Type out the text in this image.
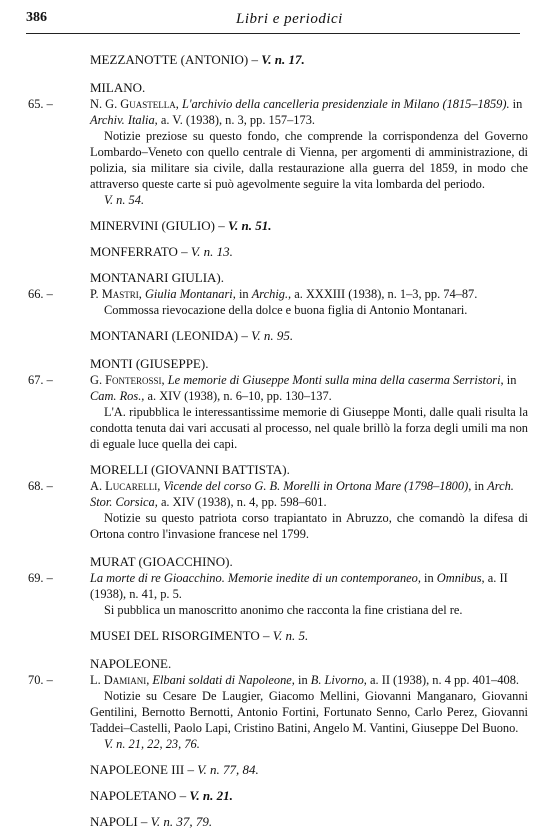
386	Libri e periodici
MEZZANOTTE (ANTONIO) – V. n. 17.
MILANO.
65. –	N. G. Guastella, L'archivio della cancelleria presidenziale in Milano (1815–1859). in Archiv. Italia, a. V. (1938), n. 3, pp. 157–173.
Notizie preziose su questo fondo, che comprende la corrispondenza del Governo Lombardo–Veneto con quello centrale di Vienna, per argomenti di amministrazione, di polizia, sia militare sia civile, dalla restaurazione alla guerra del 1859, in modo che attraverso queste carte si può agevolmente seguire la vita lombarda del periodo.
V. n. 54.
MINERVINI (GIULIO) – V. n. 51.
MONFERRATO – V. n. 13.
MONTANARI GIULIA).
66. –	P. Mastri, Giulia Montanari, in Archig., a. XXXIII (1938), n. 1–3, pp. 74–87.
Commossa rievocazione della dolce e buona figlia di Antonio Montanari.
MONTANARI (LEONIDA) – V. n. 95.
MONTI (GIUSEPPE).
67. –	G. Fonterossi, Le memorie di Giuseppe Monti sulla mina della caserma Serristori, in Cam. Ros., a. XIV (1938), n. 6–10, pp. 130–137.
L'A. ripubblica le interessantissime memorie di Giuseppe Monti, dalle quali risulta la condotta tenuta dai vari accusati al processo, nel quale brillò la forza degli umili ma non di eguale luce quella dei capi.
MORELLI (GIOVANNI BATTISTA).
68. –	A. Lucarelli, Vicende del corso G. B. Morelli in Ortona Mare (1798–1800), in Arch. Stor. Corsica, a. XIV (1938), n. 4, pp. 598–601.
Notizie su questo patriota corso trapiantato in Abruzzo, che comandò la difesa di Ortona contro l'invasione francese nel 1799.
MURAT (GIOACCHINO).
69. –	La morte di re Gioacchino. Memorie inedite di un contemporaneo, in Omnibus, a. II (1938), n. 41, p. 5.
Si pubblica un manoscritto anonimo che racconta la fine cristiana del re.
MUSEI DEL RISORGIMENTO – V. n. 5.
NAPOLEONE.
70. –	L. Damiani, Elbani soldati di Napoleone, in B. Livorno, a. II (1938), n. 4 pp. 401–408.
Notizie su Cesare De Laugier, Giacomo Mellini, Giovanni Manganaro, Giovanni Gentilini, Bernotto Bernotti, Antonio Fortini, Fortunato Senno, Carlo Perez, Giovanni Taddei–Castelli, Paolo Lapi, Cristino Batini, Angelo M. Vantini, Giuseppe Del Buono.
V. n. 21, 22, 23, 76.
NAPOLEONE III – V. n. 77, 84.
NAPOLETANO – V. n. 21.
NAPOLI – V. n. 37, 79.
